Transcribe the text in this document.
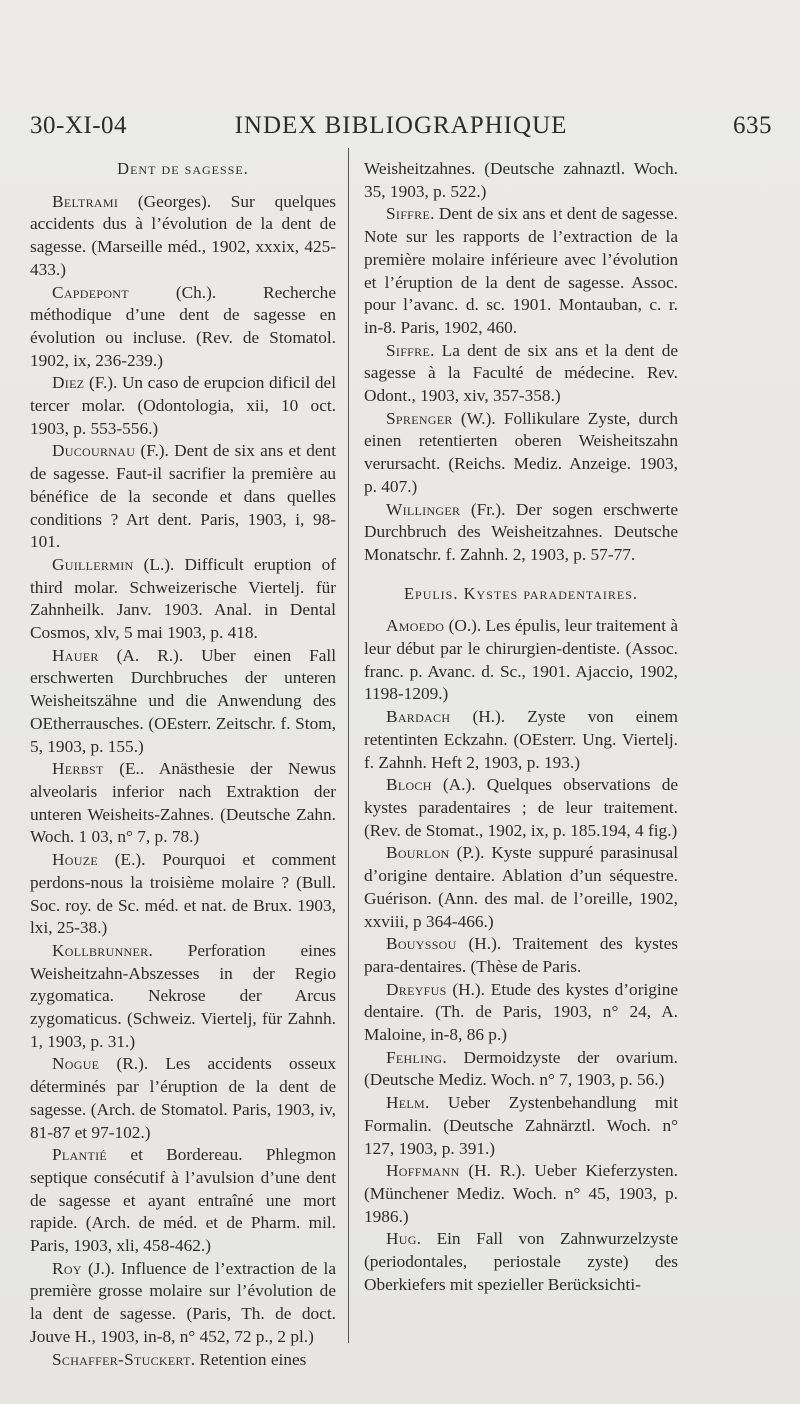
30-XI-04	INDEX BIBLIOGRAPHIQUE	635
Dent de sagesse.

Beltrami (Georges). Sur quelques accidents dus à l’évolution de la dent de sagesse. (Marseille méd., 1902, xxxix, 425-433.)

Capdepont (Ch.). Recherche méthodique d’une dent de sagesse en évolution ou incluse. (Rev. de Stomatol. 1902, ix, 236-239.)

Diez (F.). Un caso de erupcion dificil del tercer molar. (Odontologia, xii, 10 oct. 1903, p. 553-556.)

Ducournau (F.). Dent de six ans et dent de sagesse. Faut-il sacrifier la première au bénéfice de la seconde et dans quelles conditions ? Art dent. Paris, 1903, i, 98-101.

Guillermin (L.). Difficult eruption of third molar. Schweizerische Viertelj. für Zahnheilk. Janv. 1903. Anal. in Dental Cosmos, xlv, 5 mai 1903, p. 418.

Hauer (A. R.). Uber einen Fall erschwerten Durchbruches der unteren Weisheitszähne und die Anwendung des OEtherrausches. (OEsterr. Zeitschr. f. Stom, 5, 1903, p. 155.)

Herbst (E.. Anästhesie der Newus alveolaris inferior nach Extraktion der unteren Weisheits-Zahnes. (Deutsche Zahn. Woch. 1 03, n° 7, p. 78.)

Houze (E.). Pourquoi et comment perdons-nous la troisième molaire ? (Bull. Soc. roy. de Sc. méd. et nat. de Brux. 1903, lxi, 25-38.)

Kollbrunner. Perforation eines Weisheitzahn-Abszesses in der Regio zygomatica. Nekrose der Arcus zygomaticus. (Schweiz. Viertelj, für Zahnh. 1, 1903, p. 31.)

Nogue (R.). Les accidents osseux déterminés par l’éruption de la dent de sagesse. (Arch. de Stomatol. Paris, 1903, iv, 81-87 et 97-102.)

Plantié et Bordereau. Phlegmon septique consécutif à l’avulsion d’une dent de sagesse et ayant entraîné une mort rapide. (Arch. de méd. et de Pharm. mil. Paris, 1903, xli, 458-462.)

Roy (J.). Influence de l’extraction de la première grosse molaire sur l’évolution de la dent de sagesse. (Paris, Th. de doct. Jouve H., 1903, in-8, n° 452, 72 p., 2 pl.)

Schaffer-Stuckert. Retention eines

Weisheitzahnes. (Deutsche zahnaztl. Woch. 35, 1903, p. 522.)

Siffre. Dent de six ans et dent de sagesse. Note sur les rapports de l’extraction de la première molaire inférieure avec l’évolution et l’éruption de la dent de sagesse. Assoc. pour l’avanc. d. sc. 1901. Montauban, c. r. in-8. Paris, 1902, 460.

Siffre. La dent de six ans et la dent de sagesse à la Faculté de médecine. Rev. Odont., 1903, xiv, 357-358.)

Sprenger (W.). Follikulare Zyste, durch einen retentierten oberen Weisheitszahn verursacht. (Reichs. Mediz. Anzeige. 1903, p. 407.)

Willinger (Fr.). Der sogen erschwerte Durchbruch des Weisheitzahnes. Deutsche Monatschr. f. Zahnh. 2, 1903, p. 57-77.

Epulis. Kystes paradentaires.

Amoedo (O.). Les épulis, leur traitement à leur début par le chirurgien-dentiste. (Assoc. franc. p. Avanc. d. Sc., 1901. Ajaccio, 1902, 1198-1209.)

Bardach (H.). Zyste von einem retentinten Eckzahn. (OEsterr. Ung. Viertelj. f. Zahnh. Heft 2, 1903, p. 193.)

Bloch (A.). Quelques observations de kystes paradentaires ; de leur traitement. (Rev. de Stomat., 1902, ix, p. 185.194, 4 fig.)

Bourlon (P.). Kyste suppuré parasinusal d’origine dentaire. Ablation d’un séquestre. Guérison. (Ann. des mal. de l’oreille, 1902, xxviii, p 364-466.)

Bouyssou (H.). Traitement des kystes para-dentaires. (Thèse de Paris.

Dreyfus (H.). Etude des kystes d’origine dentaire. (Th. de Paris, 1903, n° 24, A. Maloine, in-8, 86 p.)

Fehling. Dermoidzyste der ovarium. (Deutsche Mediz. Woch. n° 7, 1903, p. 56.)

Helm. Ueber Zystenbehandlung mit Formalin. (Deutsche Zahnärztl. Woch. n° 127, 1903, p. 391.)

Hoffmann (H. R.). Ueber Kieferzysten. (Münchener Mediz. Woch. n° 45, 1903, p. 1986.)

Hug. Ein Fall von Zahnwurzelzyste (periodontales, periostale zyste) des Oberkiefers mit spezieller Berücksichti-
